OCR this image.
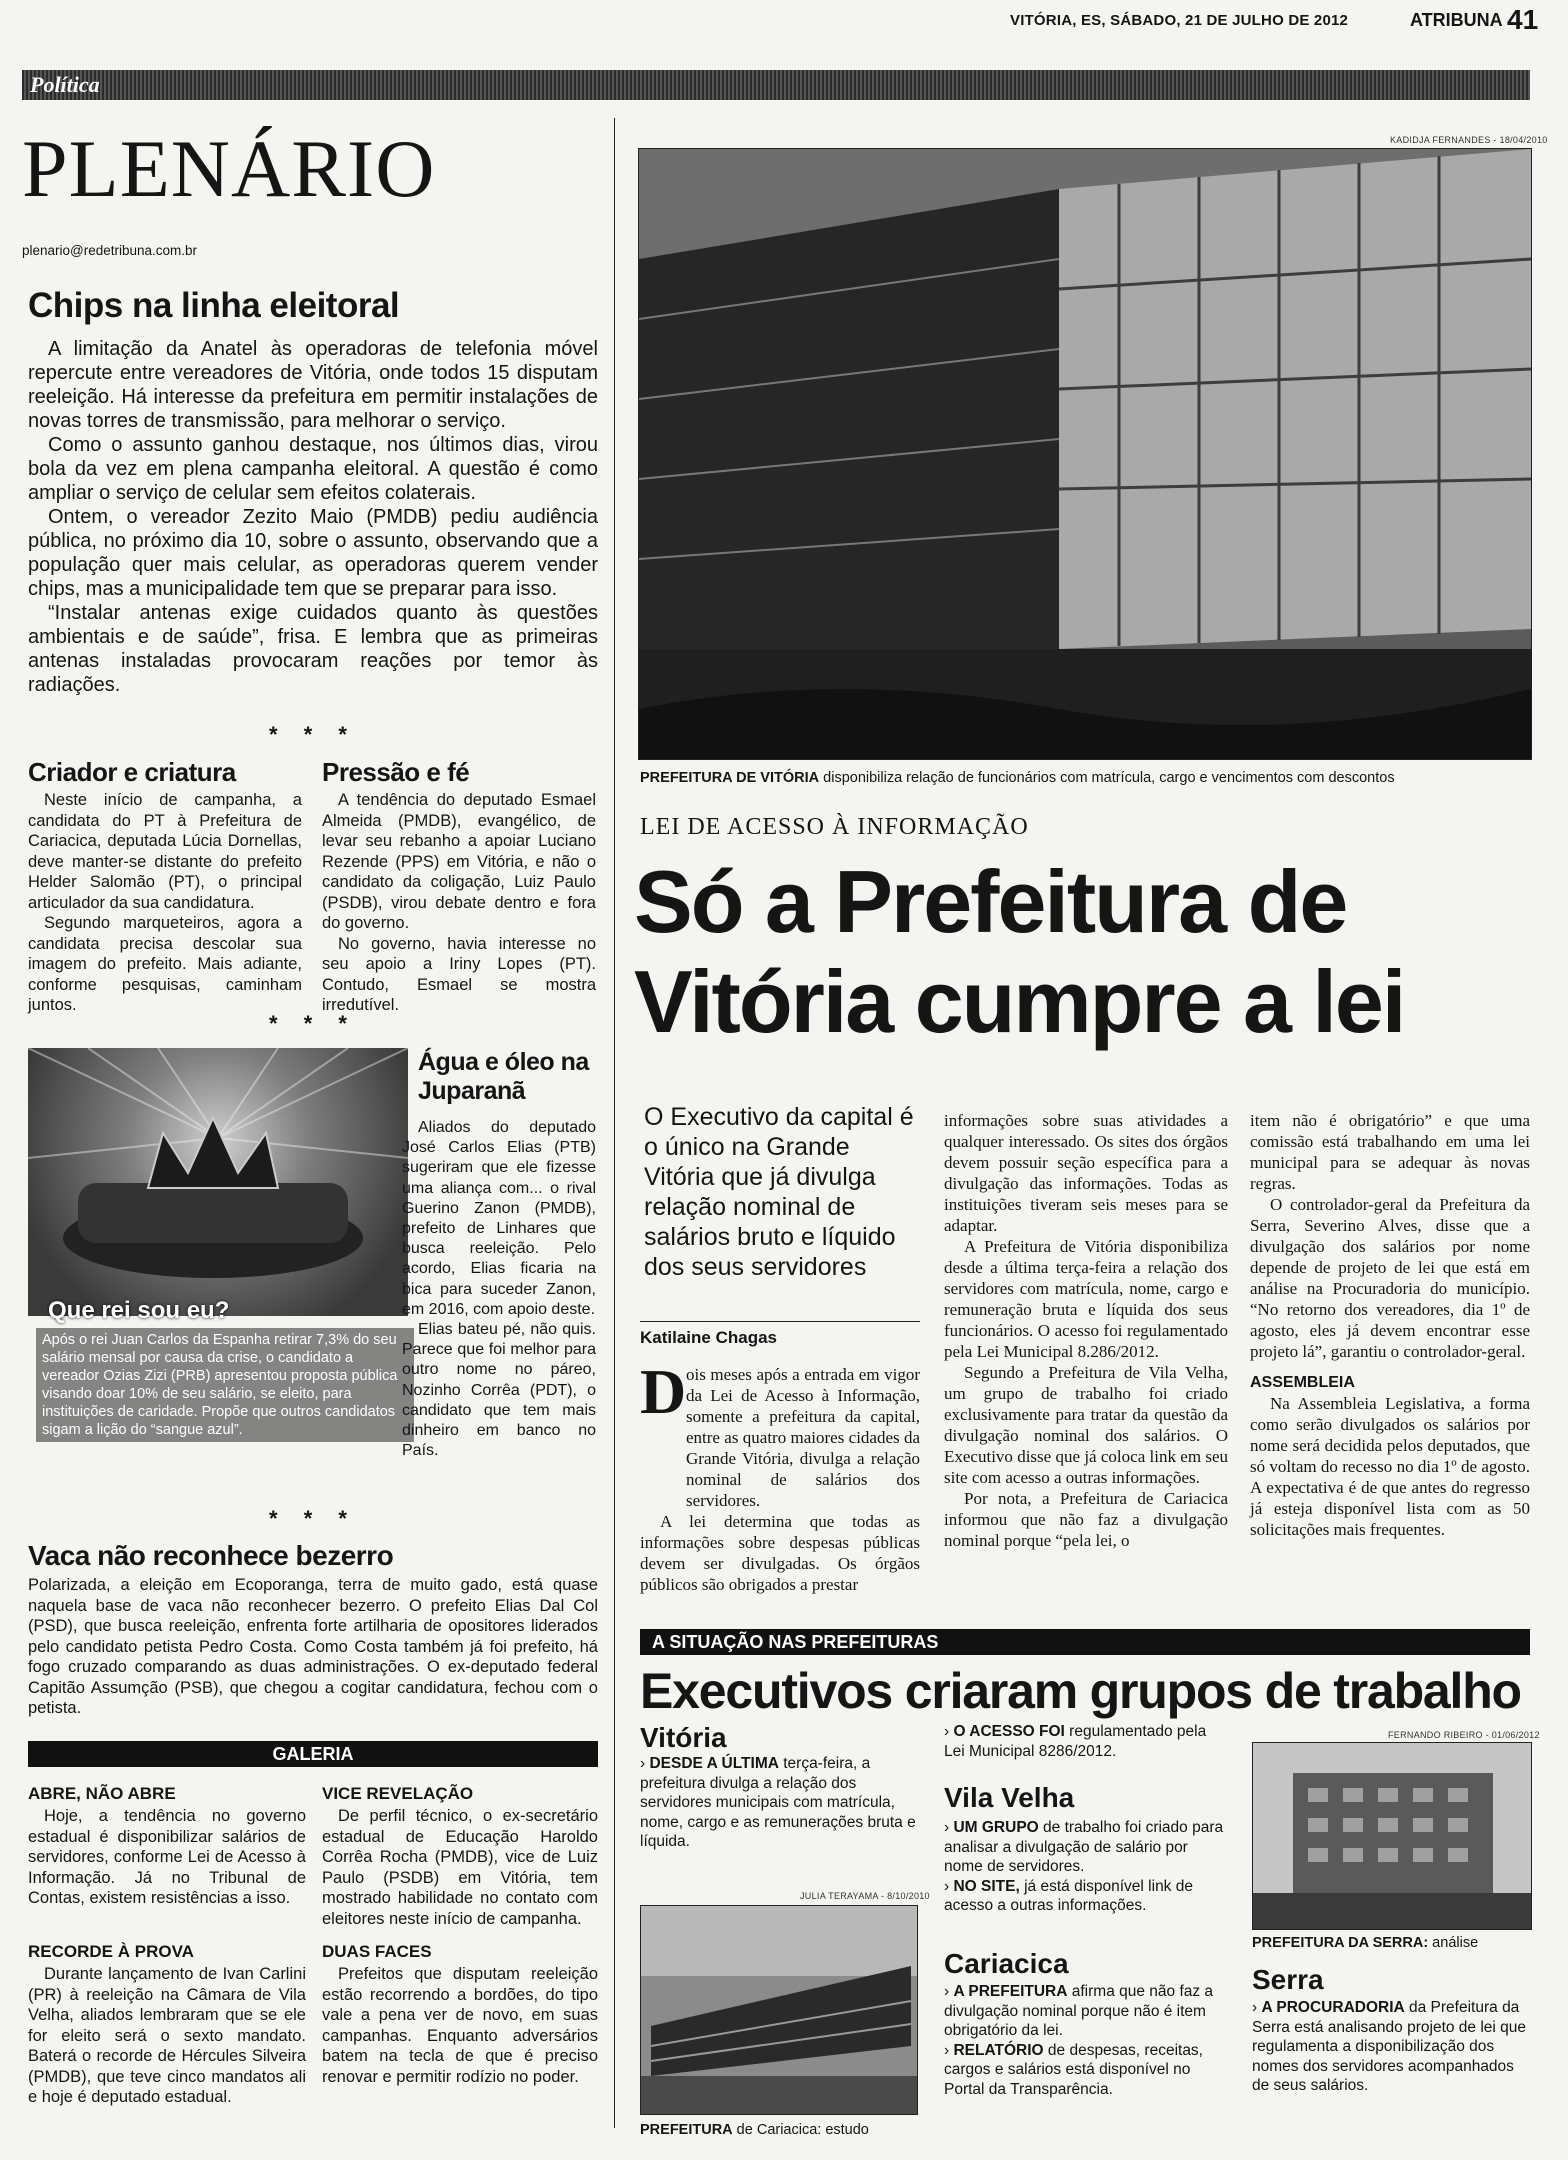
VITÓRIA, ES, SÁBADO, 21 DE JULHO DE 2012	ATRIBUNA 41
Política
PLENÁRIO
plenario@redetribuna.com.br
Chips na linha eleitoral

A limitação da Anatel às operadoras de telefonia móvel repercute entre vereadores de Vitória, onde todos 15 disputam reeleição. Há interesse da prefeitura em permitir instalações de novas torres de transmissão, para melhorar o serviço.

Como o assunto ganhou destaque, nos últimos dias, virou bola da vez em plena campanha eleitoral. A questão é como ampliar o serviço de celular sem efeitos colaterais.

Ontem, o vereador Zezito Maio (PMDB) pediu audiência pública, no próximo dia 10, sobre o assunto, observando que a população quer mais celular, as operadoras querem vender chips, mas a municipalidade tem que se preparar para isso.

“Instalar antenas exige cuidados quanto às questões ambientais e de saúde”, frisa. E lembra que as primeiras antenas instaladas provocaram reações por temor às radiações.

* * *
Criador e criatura

Neste início de campanha, a candidata do PT à Prefeitura de Cariacica, deputada Lúcia Dornellas, deve manter-se distante do prefeito Helder Salomão (PT), o principal articulador da sua candidatura.

Segundo marqueteiros, agora a candidata precisa descolar sua imagem do prefeito. Mais adiante, conforme pesquisas, caminham juntos.

Pressão e fé

A tendência do deputado Esmael Almeida (PMDB), evangélico, de levar seu rebanho a apoiar Luciano Rezende (PPS) em Vitória, e não o candidato da coligação, Luiz Paulo (PSDB), virou debate dentro e fora do governo.

No governo, havia interesse no seu apoio a Iriny Lopes (PT). Contudo, Esmael se mostra irredutível.

* * *
Que rei sou eu?
Após o rei Juan Carlos da Espanha retirar 7,3% do seu salário mensal por causa da crise, o candidato a vereador Ozias Zizi (PRB) apresentou proposta pública visando doar 10% de seu salário, se eleito, para instituições de caridade. Propõe que outros candidatos sigam a lição do “sangue azul”.
Água e óleo na Juparanã

Aliados do deputado José Carlos Elias (PTB) sugeriram que ele fizesse uma aliança com... o rival Guerino Zanon (PMDB), prefeito de Linhares que busca reeleição. Pelo acordo, Elias ficaria na bica para suceder Zanon, em 2016, com apoio deste.

Elias bateu pé, não quis. Parece que foi melhor para outro nome no páreo, Nozinho Corrêa (PDT), o candidato que tem mais dinheiro em banco no País.

* * *
Vaca não reconhece bezerro
Polarizada, a eleição em Ecoporanga, terra de muito gado, está quase naquela base de vaca não reconhecer bezerro. O prefeito Elias Dal Col (PSD), que busca reeleição, enfrenta forte artilharia de opositores liderados pelo candidato petista Pedro Costa. Como Costa também já foi prefeito, há fogo cruzado comparando as duas administrações. O ex-deputado federal Capitão Assumção (PSB), que chegou a cogitar candidatura, fechou com o petista.
GALERIA
ABRE, NÃO ABRE
Hoje, a tendência no governo estadual é disponibilizar salários de servidores, conforme Lei de Acesso à Informação. Já no Tribunal de Contas, existem resistências a isso.
VICE REVELAÇÃO
De perfil técnico, o ex-secretário estadual de Educação Haroldo Corrêa Rocha (PMDB), vice de Luiz Paulo (PSDB) em Vitória, tem mostrado habilidade no contato com eleitores neste início de campanha.
RECORDE À PROVA
Durante lançamento de Ivan Carlini (PR) à reeleição na Câmara de Vila Velha, aliados lembraram que se ele for eleito será o sexto mandato. Baterá o recorde de Hércules Silveira (PMDB), que teve cinco mandatos ali e hoje é deputado estadual.
DUAS FACES
Prefeitos que disputam reeleição estão recorrendo a bordões, do tipo vale a pena ver de novo, em suas campanhas. Enquanto adversários batem na tecla de que é preciso renovar e permitir rodízio no poder.
KADIDJA FERNANDES - 18/04/2010
PREFEITURA DE VITÓRIA disponibiliza relação de funcionários com matrícula, cargo e vencimentos com descontos
LEI DE ACESSO À INFORMAÇÃO
Só a Prefeitura de
Vitória cumpre a lei
O Executivo da capital é o único na Grande Vitória que já divulga relação nominal de salários bruto e líquido dos seus servidores
Katilaine Chagas
D ois meses após a entrada em vigor da Lei de Acesso à Informação, somente a prefeitura da capital, entre as quatro maiores cidades da Grande Vitória, divulga a relação nominal de salários dos servidores.

A lei determina que todas as informações sobre despesas públicas devem ser divulgadas. Os órgãos públicos são obrigados a prestar

informações sobre suas atividades a qualquer interessado. Os sites dos órgãos devem possuir seção específica para a divulgação das informações. Todas as instituições tiveram seis meses para se adaptar.

A Prefeitura de Vitória disponibiliza desde a última terça-feira a relação dos servidores com matrícula, nome, cargo e remuneração bruta e líquida dos seus funcionários. O acesso foi regulamentado pela Lei Municipal 8.286/2012.

Segundo a Prefeitura de Vila Velha, um grupo de trabalho foi criado exclusivamente para tratar da questão da divulgação nominal dos salários. O Executivo disse que já coloca link em seu site com acesso a outras informações.

Por nota, a Prefeitura de Cariacica informou que não faz a divulgação nominal porque “pela lei, o

item não é obrigatório” e que uma comissão está trabalhando em uma lei municipal para se adequar às novas regras.

O controlador-geral da Prefeitura da Serra, Severino Alves, disse que a divulgação dos salários por nome depende de projeto de lei que está em análise na Procuradoria do município. “No retorno dos vereadores, dia 1º de agosto, eles já devem encontrar esse projeto lá”, garantiu o controlador-geral.

ASSEMBLEIA

Na Assembleia Legislativa, a forma como serão divulgados os salários por nome será decidida pelos deputados, que só voltam do recesso no dia 1º de agosto. A expectativa é de que antes do regresso já esteja disponível lista com as 50 solicitações mais frequentes.

A SITUAÇÃO NAS PREFEITURAS
Executivos criaram grupos de trabalho
Vitória
› DESDE A ÚLTIMA terça-feira, a prefeitura divulga a relação dos servidores municipais com matrícula, nome, cargo e as remunerações bruta e líquida.
JULIA TERAYAMA - 8/10/2010
PREFEITURA de Cariacica: estudo
› O ACESSO FOI regulamentado pela Lei Municipal 8286/2012.
Vila Velha
› UM GRUPO de trabalho foi criado para analisar a divulgação de salário por nome de servidores.
› NO SITE, já está disponível link de acesso a outras informações.
Cariacica
› A PREFEITURA afirma que não faz a divulgação nominal porque não é item obrigatório da lei.
› RELATÓRIO de despesas, receitas, cargos e salários está disponível no Portal da Transparência.
FERNANDO RIBEIRO - 01/06/2012
PREFEITURA DA SERRA: análise
Serra
› A PROCURADORIA da Prefeitura da Serra está analisando projeto de lei que regulamenta a disponibilização dos nomes dos servidores acompanhados de seus salários.
